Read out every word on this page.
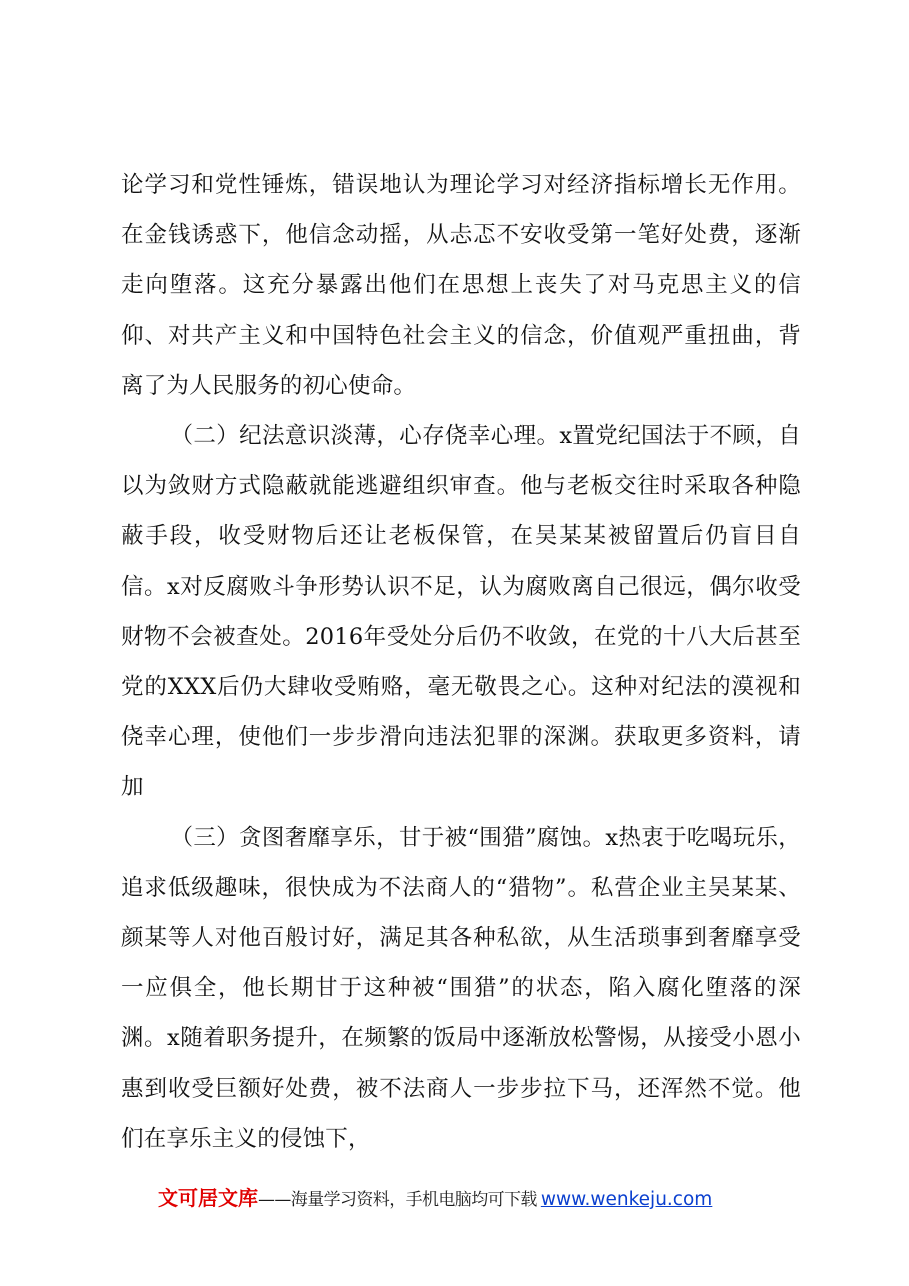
论学习和党性锤炼，错误地认为理论学习对经济指标增长无作用。在金钱诱惑下，他信念动摇，从忐忑不安收受第一笔好处费，逐渐走向堕落。这充分暴露出他们在思想上丧失了对马克思主义的信仰、对共产主义和中国特色社会主义的信念，价值观严重扭曲，背离了为人民服务的初心使命。

（二）纪法意识淡薄，心存侥幸心理。x置党纪国法于不顾，自以为敛财方式隐蔽就能逃避组织审查。他与老板交往时采取各种隐蔽手段，收受财物后还让老板保管，在吴某某被留置后仍盲目自信。x对反腐败斗争形势认识不足，认为腐败离自己很远，偶尔收受财物不会被查处。2016年受处分后仍不收敛，在党的十八大后甚至党的XXX后仍大肆收受贿赂，毫无敬畏之心。这种对纪法的漠视和侥幸心理，使他们一步步滑向违法犯罪的深渊。获取更多资料，请加

（三）贪图奢靡享乐，甘于被“围猎”腐蚀。x热衷于吃喝玩乐，追求低级趣味，很快成为不法商人的“猎物”。私营企业主吴某某、颜某等人对他百般讨好，满足其各种私欲，从生活琐事到奢靡享受一应俱全，他长期甘于这种被“围猎”的状态，陷入腐化堕落的深渊。x随着职务提升，在频繁的饭局中逐渐放松警惕，从接受小恩小惠到收受巨额好处费，被不法商人一步步拉下马，还浑然不觉。他们在享乐主义的侵蚀下，

文可居文库 ——海量学习资料，手机电脑均可下载 www.wenkeju.com
